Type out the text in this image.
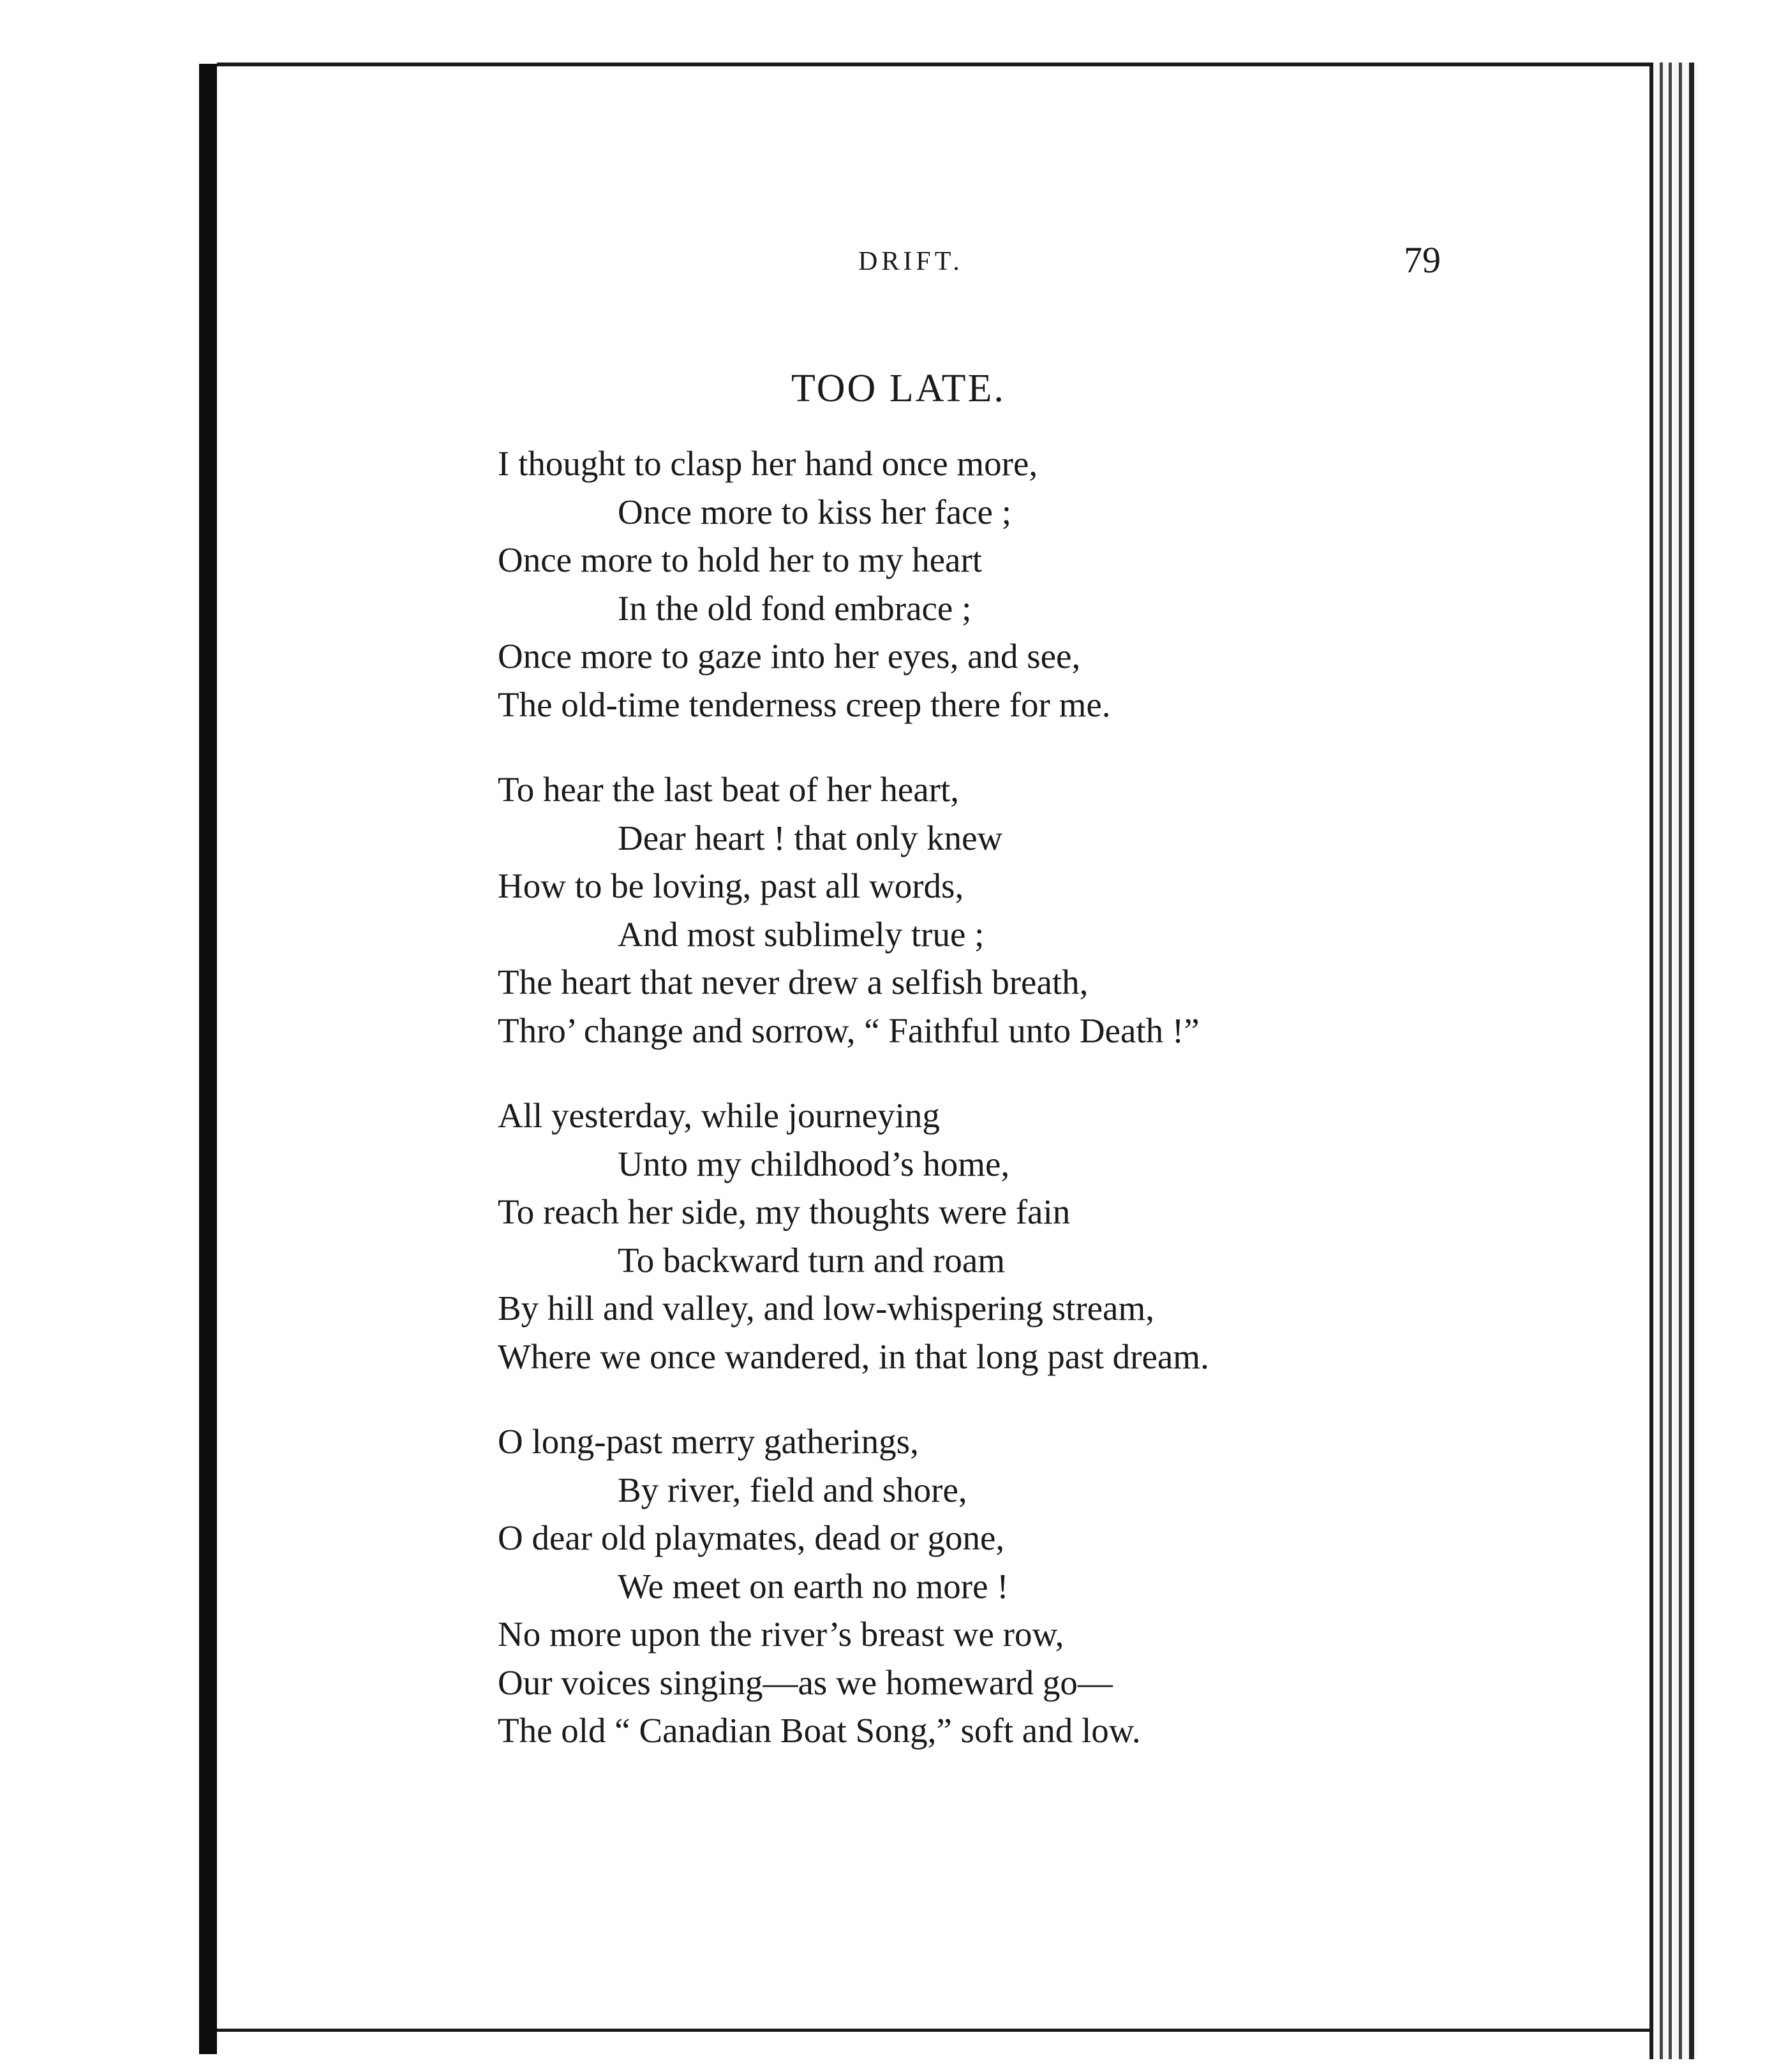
DRIFT.	79
TOO LATE.
I thought to clasp her hand once more,
Once more to kiss her face ;
Once more to hold her to my heart
In the old fond embrace ;
Once more to gaze into her eyes, and see,
The old-time tenderness creep there for me.
To hear the last beat of her heart,
Dear heart ! that only knew
How to be loving, past all words,
And most sublimely true ;
The heart that never drew a selfish breath,
Thro’ change and sorrow, “ Faithful unto Death !”
All yesterday, while journeying
Unto my childhood’s home,
To reach her side, my thoughts were fain
To backward turn and roam
By hill and valley, and low-whispering stream,
Where we once wandered, in that long past dream.
O long-past merry gatherings,
By river, field and shore,
O dear old playmates, dead or gone,
We meet on earth no more !
No more upon the river’s breast we row,
Our voices singing—as we homeward go—
The old “ Canadian Boat Song,” soft and low.
